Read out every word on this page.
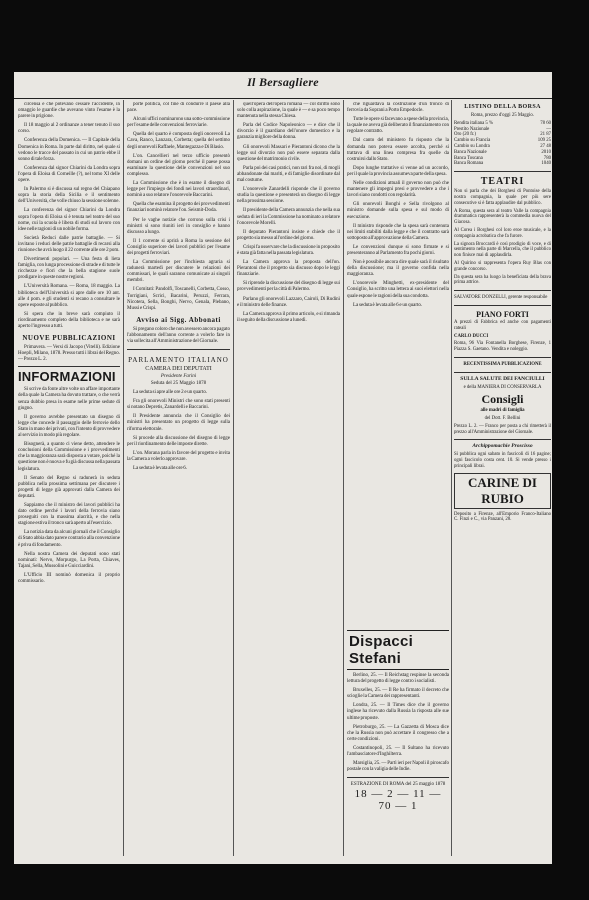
Il Bersagliere

circensa e che potevano cessare l'accidente, in omaggio le guardie che avevano vinto l'esame è la parere in prigione.

Il 18 maggio al 2 ordinanze a tener tenuto il suo corso.

Conferenza della Domenica. — Il Capitale della Domenica in Roma. In parte dal diritto, nel quale si vedono le tracce del passato in cui un patrio ebbe il sonno di tale forza.

Conferenza dal signor Chiarini da Londra sopra l'opera di Eloisa di Corneille (?), nel tomo XI delle opere.

In Palermo si è discussa sul regno del Chiapano sopra la storia della Sicilia e il sentimento dell'Università, che volle chiuso la sessione solenne.

La conferenza del signor Chiarini da Londra sopra l'opera di Eloisa sì è tenuta nel teatro del suo nome, cui la scuola è libera di studi sul lavoro con idee nelle ragioni di un nobile forma.

Società Reduci dalle patrie battaglie. — Si invitano i reduci delle patrie battaglie di recarsi alla riunione che avrà luogo il 22 corrente alle ore 2 pom.

Divertimenti popolari. — Una festa di lieta famiglia, con lunga processione di strade e di tutte le ricchezze e fiori che la bella stagione suole prodigare in queste nostre regioni.

L'Università Romana. — Roma, 18 maggio. La biblioteca dell'Università si apre dalle ore 10 ant. alle 4 pom. e gli studenti si recano a consultare le opere esposte al pubblico.

Si spera che in breve sarà compiuto il riordinamento completo della biblioteca e ne sarà aperto l'ingresso a tutti.

NUOVE PUBBLICAZIONI

Primavera. — Versi di Jacopo (Vitelli). Edizione Hoepli, Milano, 1878. Presso tutti i librai del Regno. — Prezzo L. 2.

INFORMAZIONI

Si scrive da fonte altre volte un affare importante della quale la Camera ha dovuto trattare, o che verrà senza dubbio presa in esame nelle prime sedute di giugno.

Il governo avrebbe presentato un disegno di legge che concede il passaggio delle ferrovie dello Stato in mano dei privati, con l'intento di provvedere al servizio in modo più regolare.

Bisognerà, a quanto ci viene detto, attendere le conclusioni della Commissione e i provvedimenti che la maggioranza sarà disposta a votare, poiché la questione non è nuova e fu già discussa nella passata legislatura.

Il Senato del Regno si radunerà in seduta pubblica nella prossima settimana per discutere i progetti di legge già approvati dalla Camera dei deputati.

Sappiamo che il ministro dei lavori pubblici ha dato ordine perché i lavori della ferrovia siano proseguiti con la massima alacrità, e che nella stagione estiva il tronco sarà aperto all'esercizio.

La notizia data da alcuni giornali che il Consiglio di Stato abbia dato parere contrario alla convenzione è priva di fondamento.

Nella nostra Camera dei deputati sono stati nominati: Nervo, Morpurgo, La Porta, Chiaves, Tajani, Sella, Mussolini e Guicciardini.

L'Ufficio III nominò domenica il proprio commissario.

porte politica, col fine di condurre il paese alla pace.

Alcuni uffici nominarono una sotto-commissione per l'esame delle convenzioni ferroviarie.

Quella del quarto è composta degli onorevoli La Cava, Ranco, Lanzara, Corbetta; quella del settimo degli onorevoli Raffaele, Mantegazza e Di Blasio.

L'on. Cancellieri nel terzo ufficio presentò domani un ordine del giorno perché il paese possa esaminare la questione delle convenzioni nel suo complesso.

La Commissione che è in esame il disegno di legge per l'impiego dei fondi nei lavori straordinari, nominò a suo relatore l'onorevole Baccarini.

Quella che esamina il progetto dei provvedimenti finanziari nominò relatore l'on. Seismit-Doda.

Per le vaghe notizie che corrono sulla crisi i ministri si sono riuniti ieri in consiglio e hanno discusso a lungo.

Il 1 corrente si aprirà a Roma la sessione del Consiglio superiore dei lavori pubblici per l'esame dei progetti ferroviari.

La Commissione per l'inchiesta agraria si radunerà martedì per discutere le relazioni dei commissari, le quali saranno comunicate ai singoli membri.

I Comitati: Pandolfi, Toscanelli, Corbetta, Cosso, Torrigiani, Scrici, Bacarini, Peruzzi, Ferrara, Nicotera, Sella, Bonghi, Nervo, Genala, Plebano, Mussi e Crispi.

Avviso ai Sigg. Abbonati

Si pregano coloro che non avessero ancora pagato l'abbonamento dell'anno corrente a volerlo fare in via sollecita all'Amministrazione del Giornale.

PARLAMENTO ITALIANO
CAMERA DEI DEPUTATI
Presidente Farini
Seduta del 25 Maggio 1878

La seduta si apre alle ore 2 e un quarto.

Fra gli onorevoli Ministri che sono stati presenti si notano Depretis, Zanardelli e Baccarini.

Il Presidente annuncia che il Consiglio dei ministri ha presentato un progetto di legge sulla riforma elettorale.

Si procede alla discussione del disegno di legge per il riordinamento delle imposte dirette.

L'on. Morana parla in favore del progetto e invita la Camera a volerlo approvare.

La seduta è levata alle ore 6.

quell'opera dell'opera romana — col diritto sono solo colla aspirazione, la quale è — e sa poco tempo mantenuta nella stessa Chiesa.

Parla del Codice Napoleonico — e dice che il divorzio è il guardiano dell'onore domestico e la garanzia migliore della donna.

Gli onorevoli Massari e Pierantoni dicono che la legge sul divorzio non può essere separata dalla questione del matrimonio civile.

Parla poi dei casi pratici, non rari fra noi, di mogli abbandonate dai mariti, e di famiglie disordinate dal mal costume.

L'onorevole Zanardelli risponde che il governo studia la questione e presenterà un disegno di legge nella prossima sessione.

Il presidente della Camera annunzia che nella sua seduta di ieri la Commissione ha nominato a relatore l'onorevole Morelli.

Il deputato Pierantoni insiste e chiede che il progetto sia messo all'ordine del giorno.

Crispi fa osservare che la discussione in proposito è stata già fatta nella passata legislatura.

La Camera approva la proposta dell'on. Pierantoni che il progetto sia discusso dopo le leggi finanziarie.

Si riprende la discussione del disegno di legge sui provvedimenti per la città di Palermo.

Parlano gli onorevoli Lazzaro, Cairoli, Di Rudinì e il ministro delle finanze.

La Camera approva il primo articolo, e si rimanda il seguito della discussione a lunedì.

che riguardava la costruzione d'un tronco di ferrovia da Soprani a Porto Empedocle.

Tutte le opere si facevano a spese della provincia, la quale ne aveva già deliberato il finanziamento con regolare contratto.

Dal canto del ministero fu risposto che la domanda non poteva essere accolta, perché si trattava di una linea compresa fra quelle da costruirsi dallo Stato.

Dopo lunghe trattative si venne ad un accordo, per il quale la provincia assumeva parte della spesa.

Nelle condizioni attuali il governo non può che mantenere gli impegni presi e provvedere a che i lavori siano condotti con regolarità.

Gli onorevoli Bonghi e Sella rivolgono al ministro domande sulla spesa e sul modo di esecuzione.

Il ministro risponde che la spesa sarà contenuta nei limiti stabiliti dalla legge e che il contratto sarà sottoposto all'approvazione della Camera.

Le convenzioni dunque si sono firmate e si presenteranno al Parlamento fra pochi giorni.

Non è possibile ancora dire quale sarà il risultato della discussione; ma il governo confida nella maggioranza.

L'onorevole Minghetti, ex-presidente del Consiglio, ha scritto una lettera ai suoi elettori nella quale espone le ragioni della sua condotta.

La seduta è levata alle 6 e un quarto.

Dispacci Stefani

Berlino, 25. — Il Reichstag respinse la seconda lettura del progetto di legge contro i socialisti.

Bruxelles, 25. — Il Re ha firmato il decreto che scioglie la Camera dei rappresentanti.

Londra, 25. — Il Times dice che il governo inglese ha ricevuto dalla Russia la risposta alle sue ultime proposte.

Pietroburgo, 25. — La Gazzetta di Mosca dice che la Russia non può accettare il congresso che a certe condizioni.

Costantinopoli, 25. — Il Sultano ha ricevuto l'ambasciatore d'Inghilterra.

Marsiglia, 25. — Partì ieri per Napoli il piroscafo postale con la valigia delle Indie.

ESTRAZIONE DI ROMA del 25 maggio 1878
18 — 2 — 11 — 70 — 1
LISTINO DELLA BORSA

Roma, prezzo d'oggi 25 Maggio.

Rendita italiana 5 %	78 60
Prestito Nazionale	—
Oro (20 fr.)	21 87
Cambio su Francia	109 25
Cambio su Londra	27 48
Banca Nazionale	2010
Banca Toscana	780
Banca Romana	1040
TEATRI

Non si parla che dei Borghesi di Pontoise della nostra compagnia, la quale per più sere consecutive si è fatta applaudire dal pubblico.

A Roma, questa sera al teatro Valle la compagnia drammatica rappresenterà la commedia nuova del Giacosa.

Al Corea i Borghesi col loro eroe musicale, e la compagnia acrobatica che fa furore.

La signora Broccardi è così prodigio di voce, e di sentimento nella parte di Marcella, che il pubblico non finisce mai di applaudirla.

Al Quirino si rappresenta l'opera Ruy Blas con grande concorso.

Da questa sera ha luogo la beneficiata della brava prima attrice.

SALVATORE DONZELLI, gerente responsabile

PIANO FORTI

A prezzi di Fabbrica ed anche con pagamenti rateali

CARLO DUCCI

Roma, 96 Via Fontanella Borghese, Firenze, 1 Piazza S. Gaetano. Vendita e noleggio.

RECENTISSIMA PUBBLICAZIONE
SULLA SALUTE DEI FANCIULLI
e della MANIERA DI CONSERVARLA
Consigli
alle madri di famiglia
del Dott. F. Bellini

Prezzo L. 2. — Franco per posta a chi rimetterà il prezzo all'Amministrazione del Giornale.

Archippomachie Proscisso

Si pubblica ogni sabato in fascicoli di 16 pagine; ogni fascicolo costa cent. 10. Si vende presso i principali librai.

CARINE DI RUBIO

Deposito a Firenze, all'Emporio Franco-Italiano C. Finzi e C., via Panzani, 28.
